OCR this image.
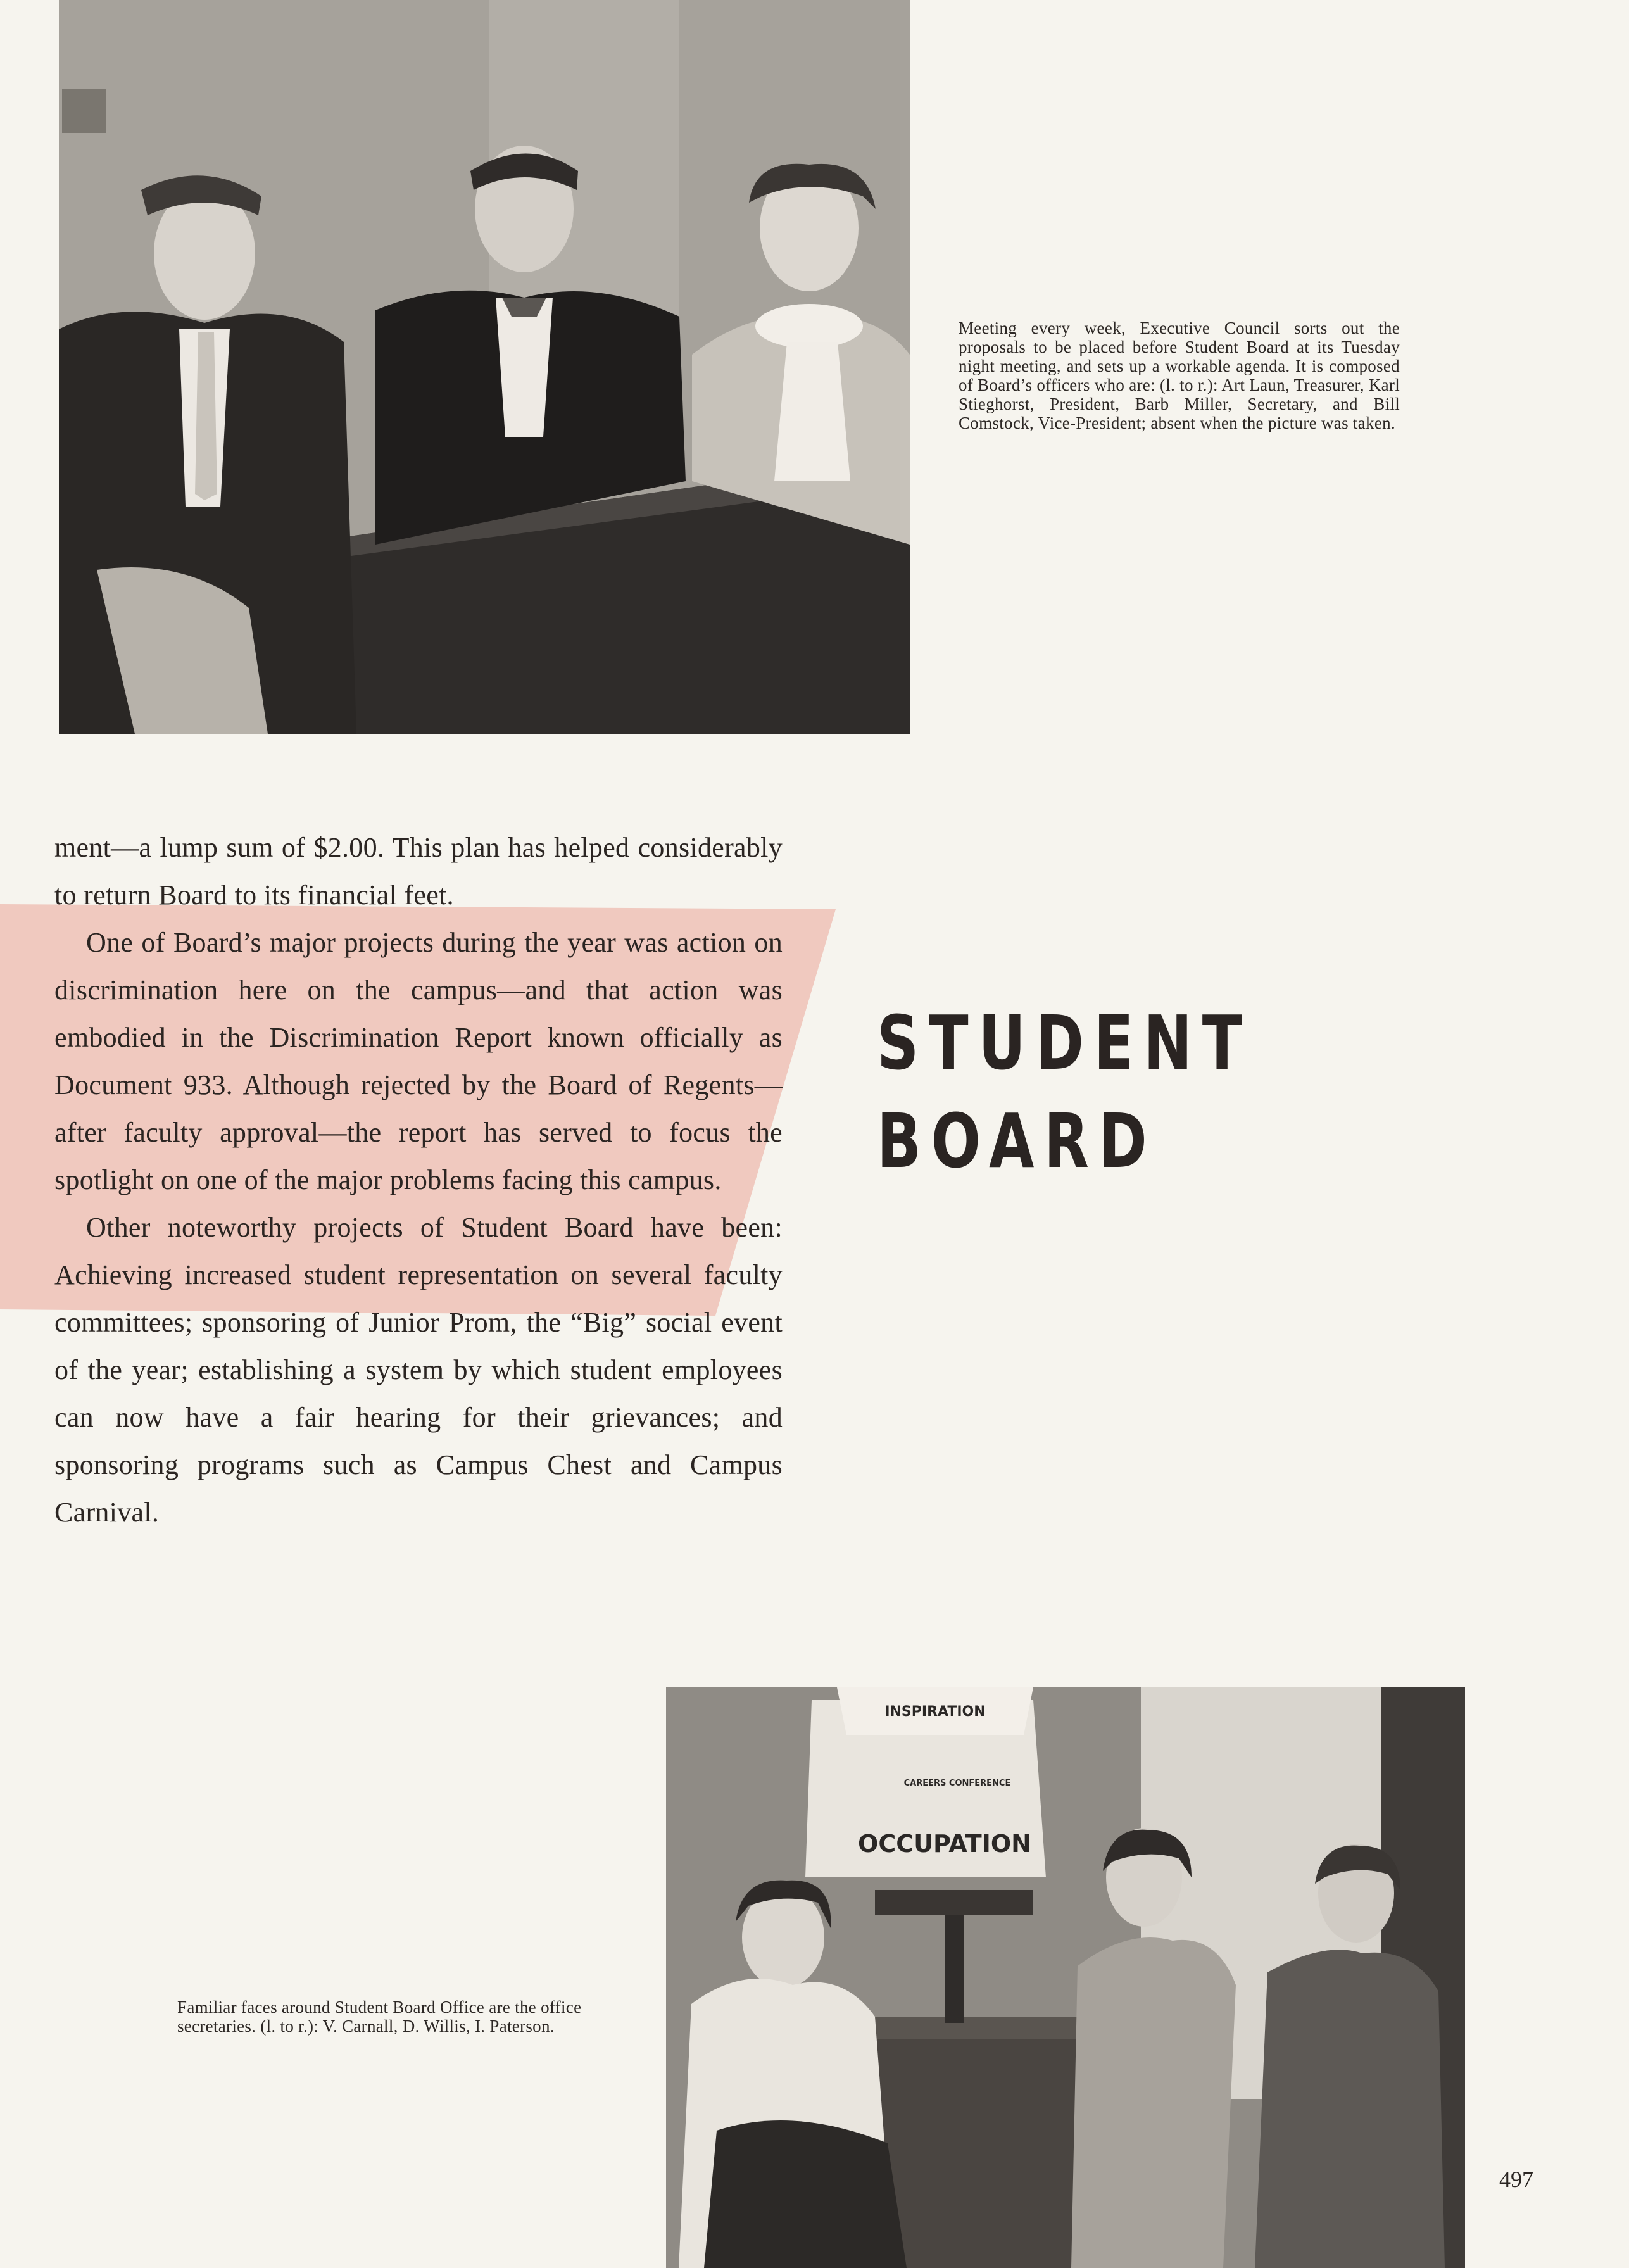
Meeting every week, Executive Council sorts out the proposals to be placed before Student Board at its Tuesday night meeting, and sets up a workable agenda. It is composed of Board’s officers who are: (l. to r.): Art Laun, Treasurer, Karl Stieghorst, President, Barb Miller, Secretary, and Bill Comstock, Vice-President; absent when the picture was taken.

ment—a lump sum of $2.00. This plan has helped considerably to return Board to its financial feet.

One of Board’s major projects during the year was action on discrimination here on the campus—and that action was embodied in the Discrimination Report known officially as Document 933. Although rejected by the Board of Regents—after faculty approval—the report has served to focus the spotlight on one of the major problems facing this campus.

Other noteworthy projects of Student Board have been: Achieving increased student representation on several faculty committees; sponsoring of Junior Prom, the “Big” social event of the year; establishing a system by which student employees can now have a fair hearing for their grievances; and sponsoring programs such as Campus Chest and Campus Carnival.

STUDENT
BOARD
Familiar faces around Student Board Office are the office secretaries. (l. to r.): V. Carnall, D. Willis, I. Paterson.
INSPIRATION
CAREERS CONFERENCE
OCCUPATION
497
